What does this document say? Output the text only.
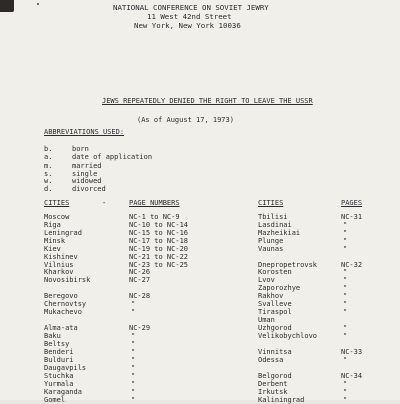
NATIONAL CONFERENCE ON SOVIET JEWRY
11 West 42nd Street
New York, New York 10036
JEWS REPEATEDLY DENIED THE RIGHT TO LEAVE THE USSR
(As of August 17, 1973)
ABBREVIATIONS USED:
b.	born
a.	date of application
m.	married
s.	single
w.	widowed
d.	divorced
CITIES	-	PAGE NUMBERS	CITIES	PAGES
Moscow	NC-1 to NC-9
Riga	NC-10 to NC-14
Leningrad	NC-15 to NC-16
Minsk	NC-17 to NC-18
Kiev	NC-19 to NC-20
Kishinev	NC-21 to NC-22
Vilnius	NC-23 to NC-25
Kharkov	NC-26
Novosibirsk	NC-27
Beregovo	NC-28
Chernovtsy	"
Mukachevo	"
Alma-ata	NC-29
Baku	"
Beltsy	"
Benderi	"
Bulduri	"
Daugavpils	"
Stuchka	"
Yurmala	"
Karaganda	"
Gomel	"
Tbilisi	NC-31
Lasdinai	"
Mazheikiai	"
Plunge	"
Vaunas	"
Dnepropetrovsk	NC-32
Korosten	"
Lvov	"
Zaporozhye	"
Rakhov	"
Svalleve	"
Tiraspol	"
Uman
Uzhgorod	"
Velikobychlovo	"
Vinnitsa	NC-33
Odessa	"
Belgorod	NC-34
Derbent	"
Irkutsk	"
Kaliningrad	"
